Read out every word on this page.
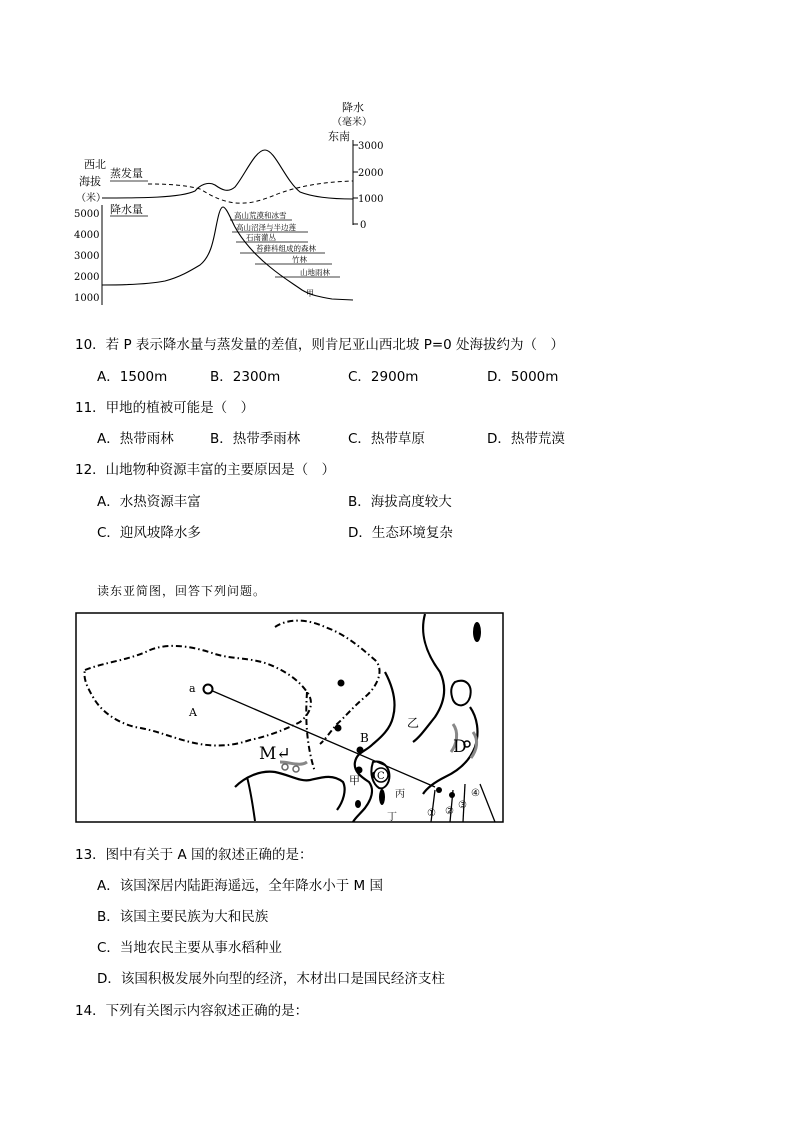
3000
2000
1000
0
降水
（毫米）
东南
西北
海拔
（米）
5000
4000
3000
2000
1000
蒸发量
降水量	高山荒漠和冰雪
高山沼泽与半边莲
石南灌丛
苔藓科组成的森林
竹林
山地雨林
甲
10．若 P 表示降水量与蒸发量的差值，则肯尼亚山西北坡 P=0 处海拔约为（　）
A．1500m	B．2300m	C．2900m	D．5000m
11．甲地的植被可能是（　）
A．热带雨林	B．热带季雨林	C．热带草原	D．热带荒漠
12．山地物种资源丰富的主要原因是（　）
A．水热资源丰富	B．海拔高度较大
C．迎风坡降水多	D．生态环境复杂
读东亚简图，回答下列问题。
a
A
B
C
D
M↵
乙
甲
丙
丁	① ②
③
④
13．图中有关于 A 国的叙述正确的是：
A．该国深居内陆距海遥远，全年降水小于 M 国
B．该国主要民族为大和民族
C．当地农民主要从事水稻种业
D．该国积极发展外向型的经济，木材出口是国民经济支柱
14．下列有关图示内容叙述正确的是：
